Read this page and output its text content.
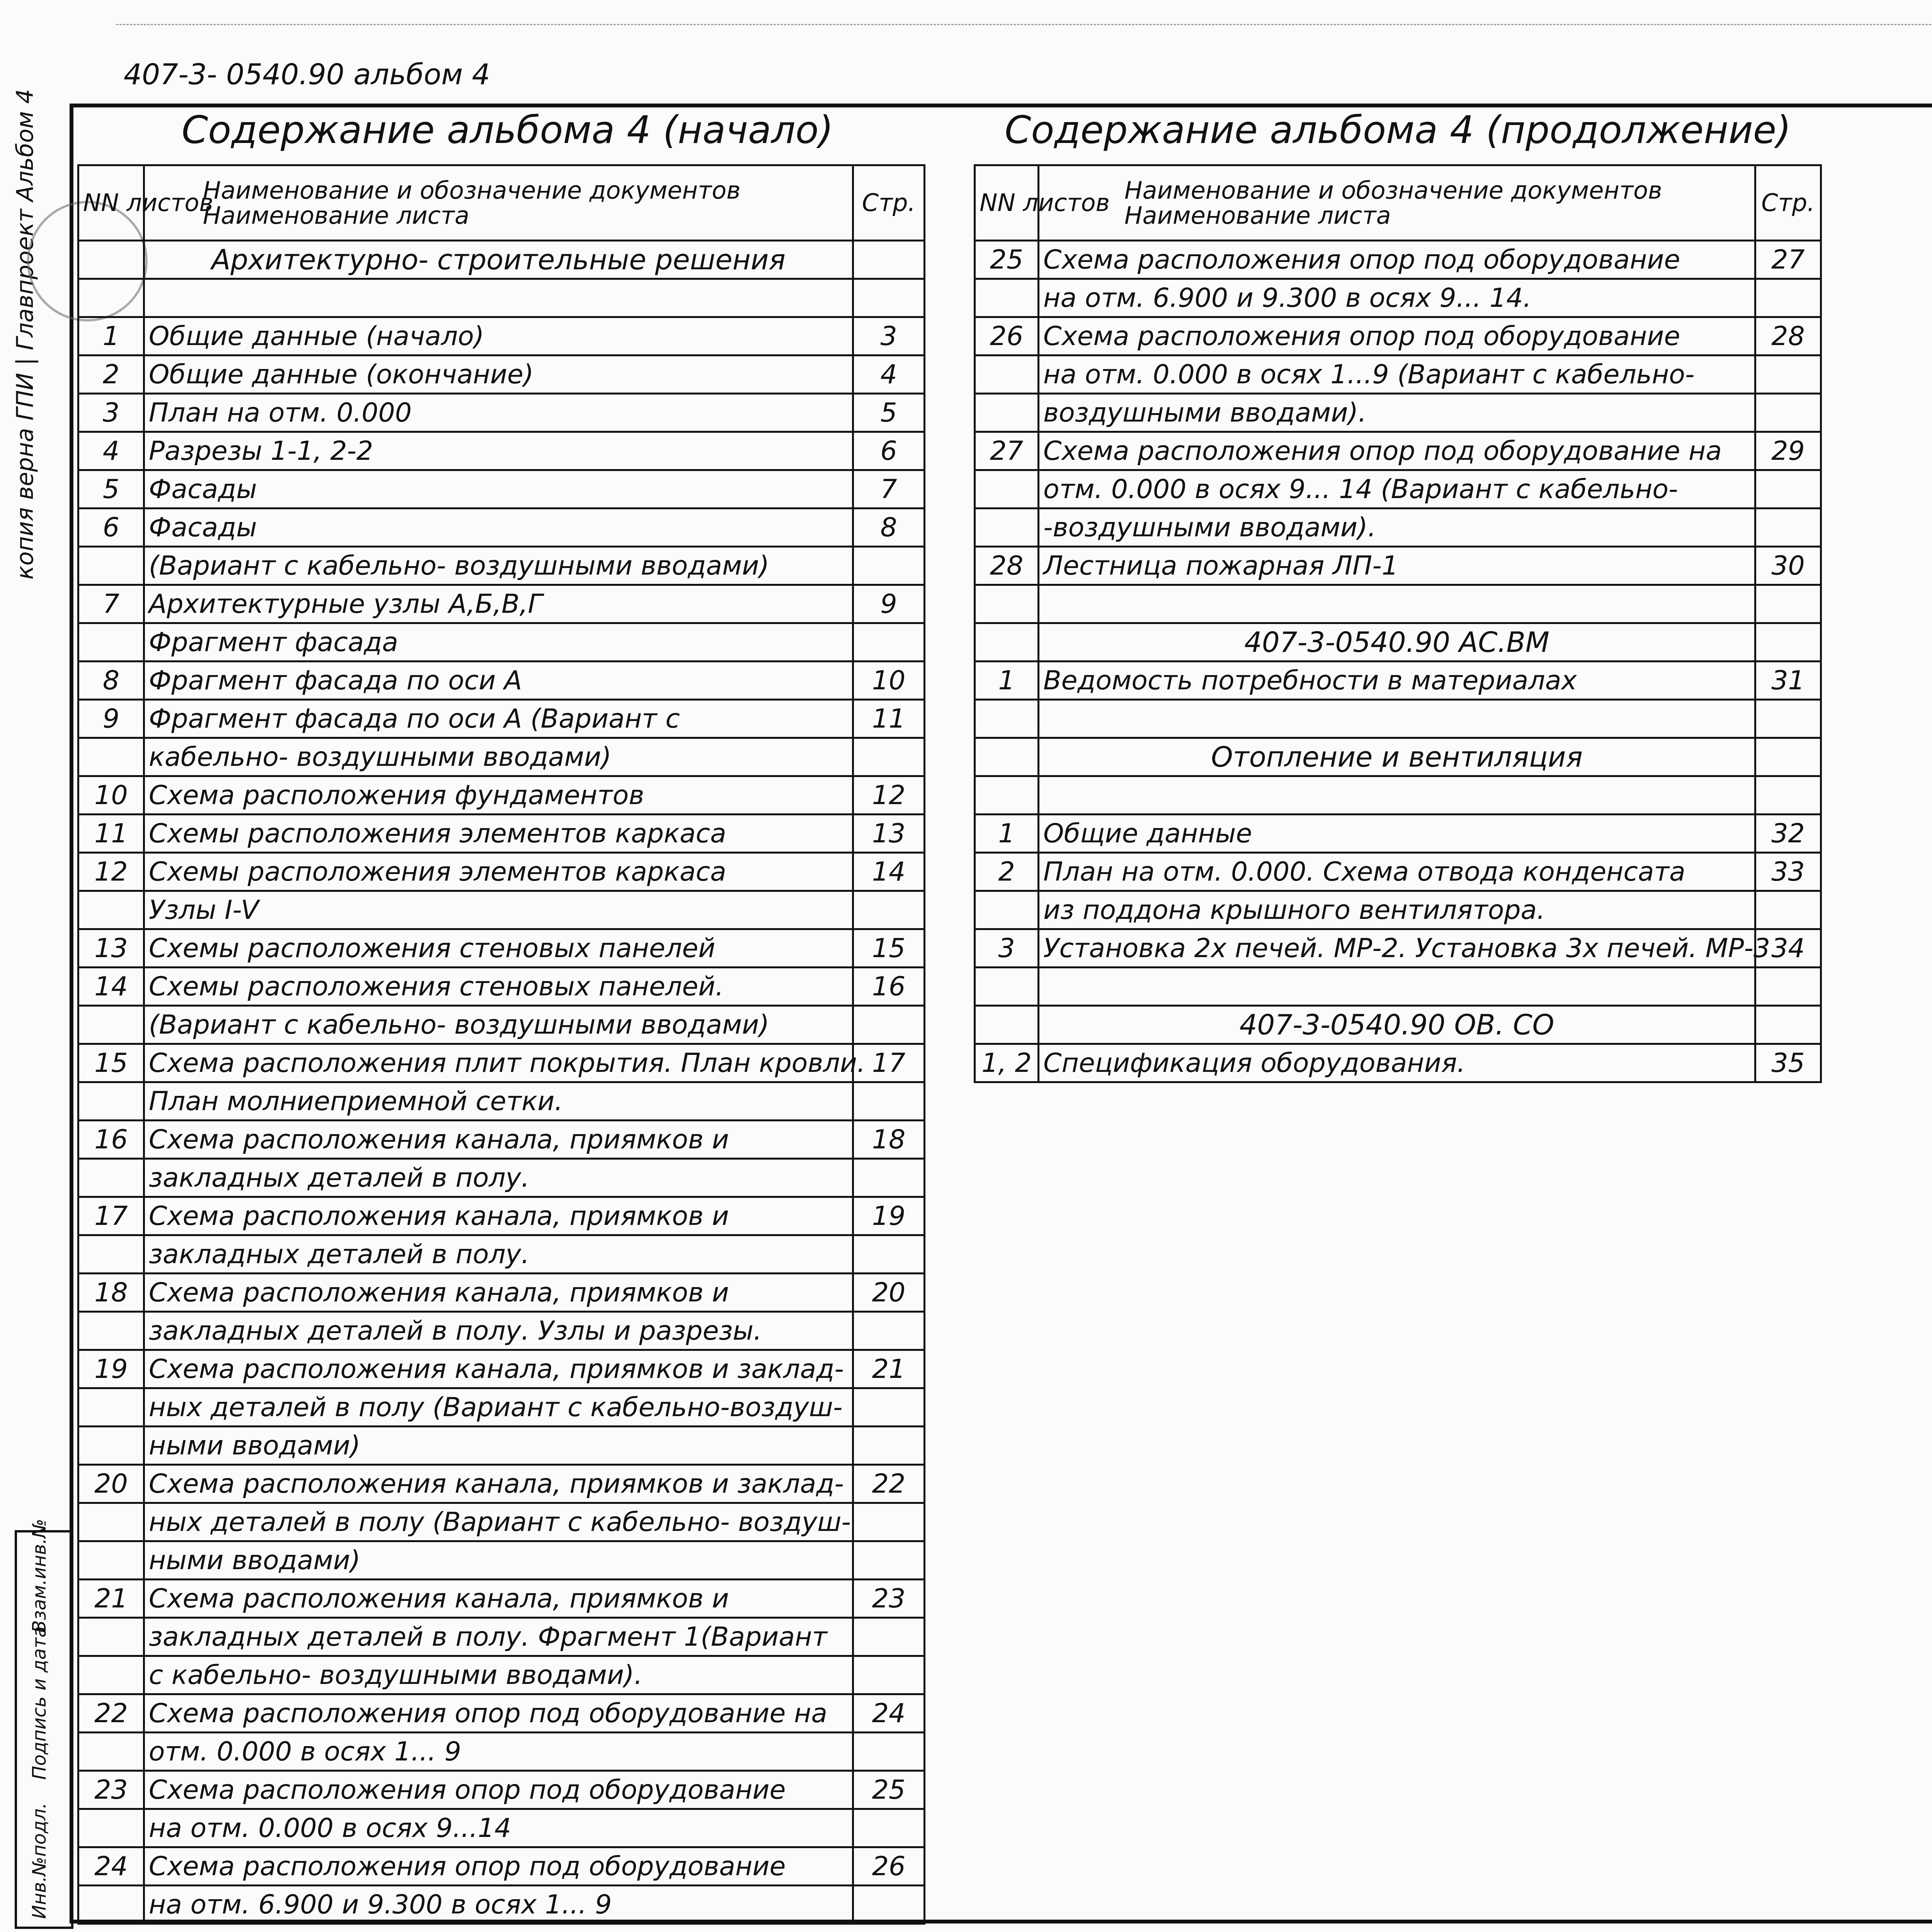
407-3- 0540.90 альбом 4
копия верна ГПИ | Главпроект Альбом 4
Инв.№подл.
Подпись и дата
Взам.инв.№
Содержание альбома 4 (начало)	Содержание альбома 4 (продолжение)
NN листов	Наименование и обозначение документов Наименование листа	Стр.
	Архитектурно- строительные решения	

1	Общие данные (начало)	3
2	Общие данные (окончание)	4
3	План на отм. 0.000	5
4	Разрезы 1-1, 2-2	6
5	Фасады	7
6	Фасады	8
	(Вариант с кабельно- воздушными вводами)	
7	Архитектурные узлы А,Б,В,Г	9
	Фрагмент фасада	
8	Фрагмент фасада по оси А	10
9	Фрагмент фасада по оси А (Вариант с	11
	кабельно- воздушными вводами)	
10	Схема расположения фундаментов	12
11	Схемы расположения элементов каркаса	13
12	Схемы расположения элементов каркаса	14
	Узлы I-V	
13	Схемы расположения стеновых панелей	15
14	Схемы расположения стеновых панелей.	16
	(Вариант с кабельно- воздушными вводами)	
15	Схема расположения плит покрытия. План кровли.	17
	План молниеприемной сетки.	
16	Схема расположения канала, приямков и	18
	закладных деталей в полу.	
17	Схема расположения канала, приямков и	19
	закладных деталей в полу.	
18	Схема расположения канала, приямков и	20
	закладных деталей в полу. Узлы и разрезы.	
19	Схема расположения канала, приямков и заклад-	21
	ных деталей в полу (Вариант с кабельно-воздуш-	
	ными вводами)	
20	Схема расположения канала, приямков и заклад-	22
	ных деталей в полу (Вариант с кабельно- воздуш-	
	ными вводами)	
21	Схема расположения канала, приямков и	23
	закладных деталей в полу. Фрагмент 1(Вариант	
	с кабельно- воздушными вводами).	
22	Схема расположения опор под оборудование на	24
	отм. 0.000 в осях 1... 9	
23	Схема расположения опор под оборудование	25
	на отм. 0.000 в осях 9...14	
24	Схема расположения опор под оборудование	26
	на отм. 6.900 и 9.300 в осях 1... 9	
NN листов	Наименование и обозначение документов Наименование листа	Стр.
25	Схема расположения опор под оборудование	27
	на отм. 6.900 и 9.300 в осях 9... 14.	
26	Схема расположения опор под оборудование	28
	на отм. 0.000 в осях 1...9 (Вариант с кабельно-	
	воздушными вводами).	
27	Схема расположения опор под оборудование на	29
	отм. 0.000 в осях 9... 14 (Вариант с кабельно-	
	-воздушными вводами).	
28	Лестница пожарная ЛП-1	30

	407-3-0540.90 АС.ВМ	
1	Ведомость потребности в материалах	31

	Отопление и вентиляция	

1	Общие данные	32
2	План на отм. 0.000. Схема отвода конденсата	33
	из поддона крышного вентилятора.	
3	Установка 2х печей. МР-2. Установка 3х печей. МР-3	34

	407-3-0540.90 ОВ. СО	
1, 2	Спецификация оборудования.	35
